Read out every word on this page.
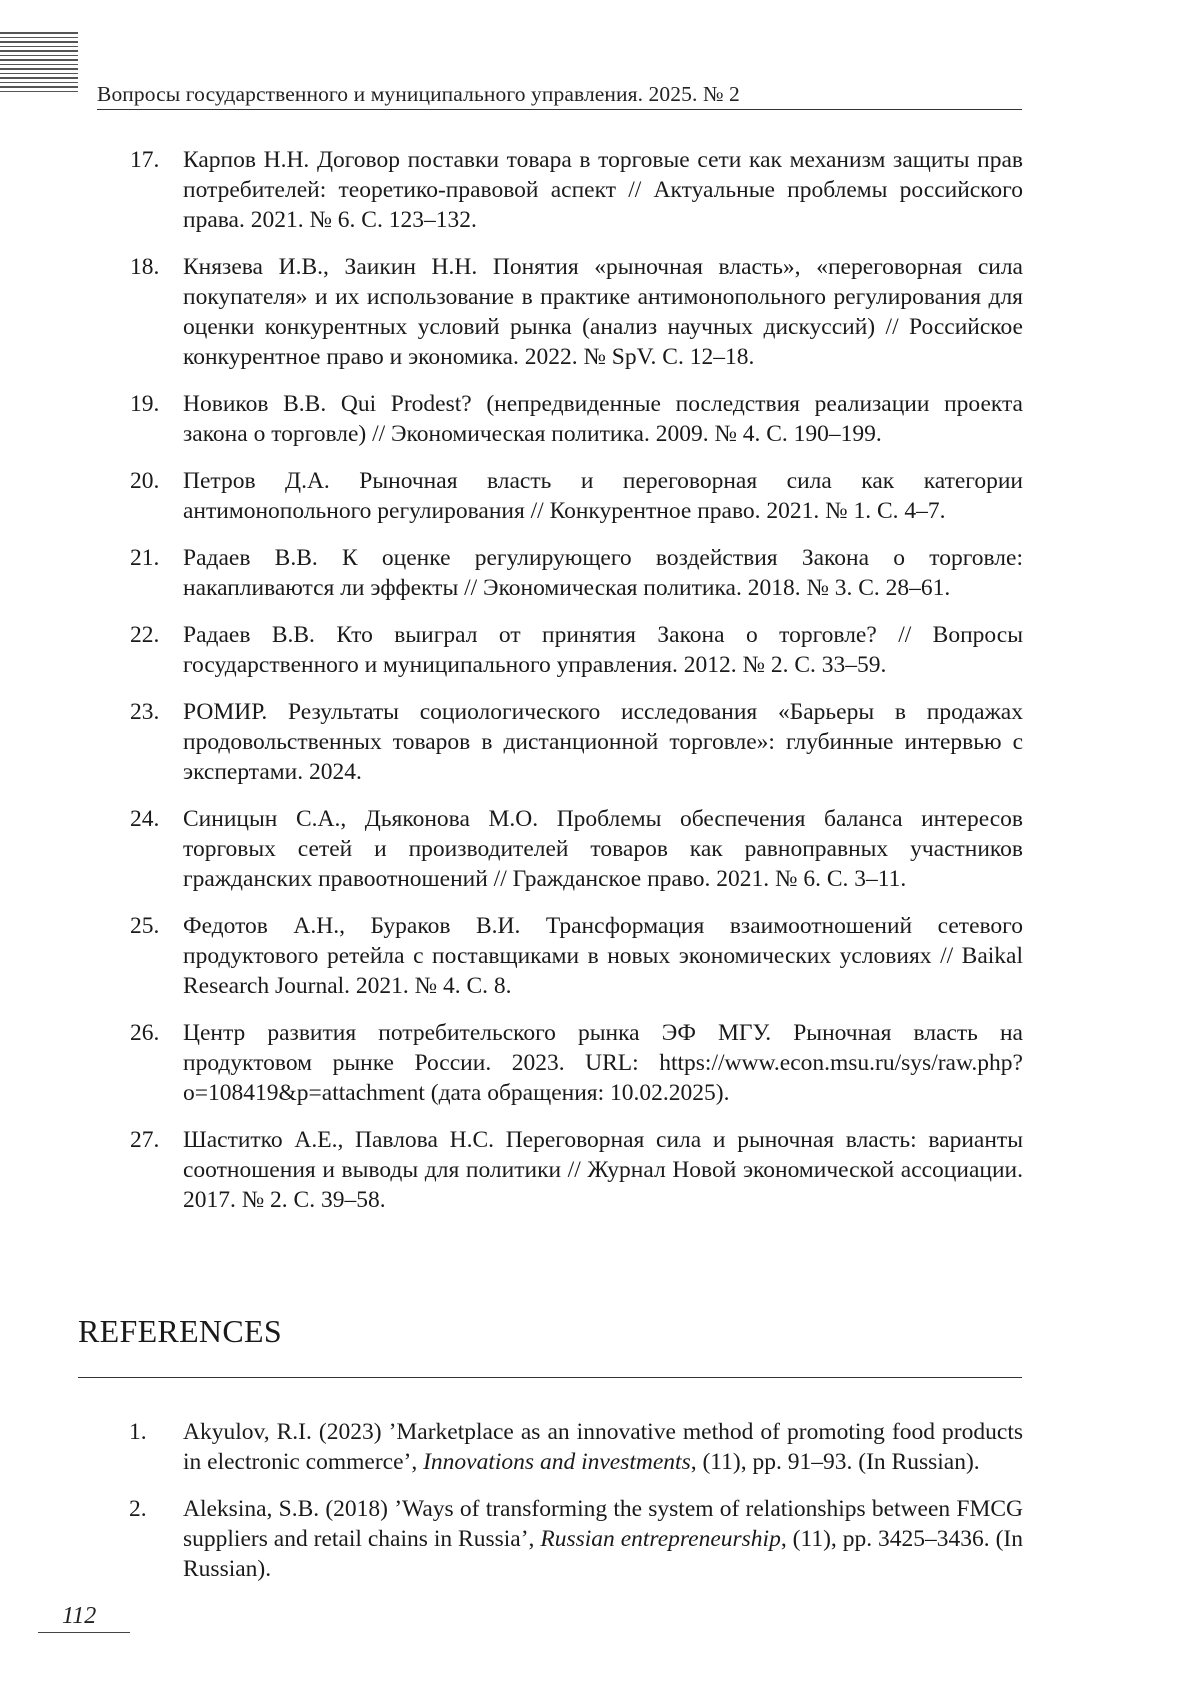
Вопросы государственного и муниципального управления. 2025. № 2
17. Карпов Н.Н. Договор поставки товара в торговые сети как механизм защиты прав потребителей: теоретико-правовой аспект // Актуальные проблемы российского права. 2021. № 6. С. 123–132.
18. Князева И.В., Заикин Н.Н. Понятия «рыночная власть», «переговорная сила покупателя» и их использование в практике антимонопольного регулирования для оценки конкурентных условий рынка (анализ научных дискуссий) // Российское конкурентное право и экономика. 2022. № SpV. С. 12–18.
19. Новиков В.В. Qui Prodest? (непредвиденные последствия реализации проекта закона о торговле) // Экономическая политика. 2009. № 4. С. 190–199.
20. Петров Д.А. Рыночная власть и переговорная сила как категории антимонопольного регулирования // Конкурентное право. 2021. № 1. С. 4–7.
21. Радаев В.В. К оценке регулирующего воздействия Закона о торговле: накапливаются ли эффекты // Экономическая политика. 2018. № 3. С. 28–61.
22. Радаев В.В. Кто выиграл от принятия Закона о торговле? // Вопросы государственного и муниципального управления. 2012. № 2. С. 33–59.
23. РОМИР. Результаты социологического исследования «Барьеры в продажах продовольственных товаров в дистанционной торговле»: глубинные интервью с экспертами. 2024.
24. Синицын С.А., Дьяконова М.О. Проблемы обеспечения баланса интересов торговых сетей и производителей товаров как равноправных участников гражданских правоотношений // Гражданское право. 2021. № 6. С. 3–11.
25. Федотов А.Н., Бураков В.И. Трансформация взаимоотношений сетевого продуктового ретейла с поставщиками в новых экономических условиях // Baikal Research Journal. 2021. № 4. С. 8.
26. Центр развития потребительского рынка ЭФ МГУ. Рыночная власть на продуктовом рынке России. 2023. URL: https://www.econ.msu.ru/sys/raw.php?o=108419&p=attachment (дата обращения: 10.02.2025).
27. Шаститко А.Е., Павлова Н.С. Переговорная сила и рыночная власть: варианты соотношения и выводы для политики // Журнал Новой экономической ассоциации. 2017. № 2. С. 39–58.
REFERENCES
1. Akyulov, R.I. (2023) ’Marketplace as an innovative method of promoting food products in electronic commerce’, Innovations and investments, (11), pp. 91–93. (In Russian).
2. Aleksina, S.B. (2018) ’Ways of transforming the system of relationships between FMCG suppliers and retail chains in Russia’, Russian entrepreneurship, (11), pp. 3425–3436. (In Russian).
112
